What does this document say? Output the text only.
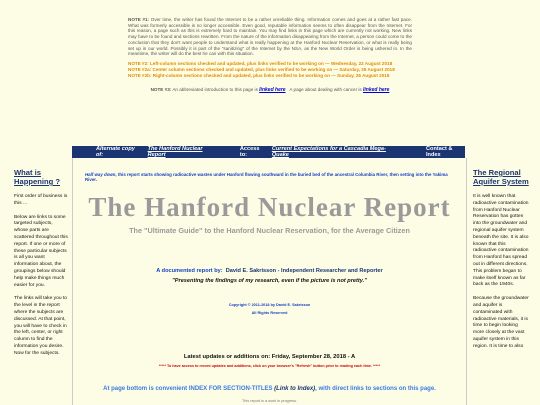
NOTE #1: Over time, the writer has found the Internet to be a rather unreliable thing. Information comes and goes at a rather fast pace. What was formerly accessible is no longer accessible. Even good, reputable information seems to often disappear from the Internet. For this reason, a page such as this is extremely hard to maintain. You may find links in this page which are currently not working. New links may have to be found and sections rewritten. From the nature of the information disappearing from the Internet, a person could come to the conclusion that they don't want people to understand what is really happening at the Hanford Nuclear Reservation, or what is really being set up in our world. Possibly it is part of the "sanitizing" of the Internet by the NSA, as the New World Order is being ushered in. In the meantime, the writer will do the best he can with this situation.

NOTE #2: Left-column sections checked and updated, plus links verified to be working on — Wednesday, 22 August 2018
NOTE #2a: Center column sections checked and updated, plus links verified to be working on — Saturday, 25 August 2018
NOTE #2b: Right-column sections checked and updated, plus links verified to be working on — Sunday, 26 August 2018

NOTE #3: An abbreviated introduction to this page is linked here A page about dealing with cancer is linked here

Alternate copy of:
The Hanford Nuclear Report
Access to:
Current Expectations for a Cascadia Mega-Quake
Contact & Index
What is Happening ?

First order of business is this ...

Below are links to some targeted subjects, whose parts are scattered throughout this report. If one or more of these particular subjects is all you want information about, the groupings below should help make things much easier for you.

The links will take you to the level in the report where the subjects are discussed. At that point, you will have to check in the left, center, or right column to find the information you desire. Now for the subjects.

Half way down, this report starts showing radioactive wastes under Hanford flowing southward in the buried bed of the ancestral Columbia River, then setting into the Yakima River.
The Hanford Nuclear Report
The "Ultimate Guide" to the Hanford Nuclear Reservation, for the Average Citizen
A documented report by: David E. Sakrisson - Independent Researcher and Reporter
"Presenting the findings of my research, even if the picture is not pretty."
Copyright © 2011-2018 by David E. Sakrisson
All Rights Reserved
Latest updates or additions on: Friday, September 28, 2018 - A
***** To have access to recent updates and additions, click on your browser's "Refresh" button prior to reading each time. *****
At page bottom is convenient INDEX FOR SECTION-TITLES (Link to Index), with direct links to sections on this page.
This report is a work in progress.
The Regional Aquifer System

It is well known that radioactive contamination from Hanford Nuclear Reservation has gotten into the groundwater and regional aquifer system beneath the site. It is also known that this radioactive contamination from Hanford has spread out in different directions. This problem began to make itself known as far back as the 1940s.

Because the groundwater and aquifer is contaminated with radioactive materials, it is time to begin looking more closely at the vast aquifer system in this region. It is time to also
